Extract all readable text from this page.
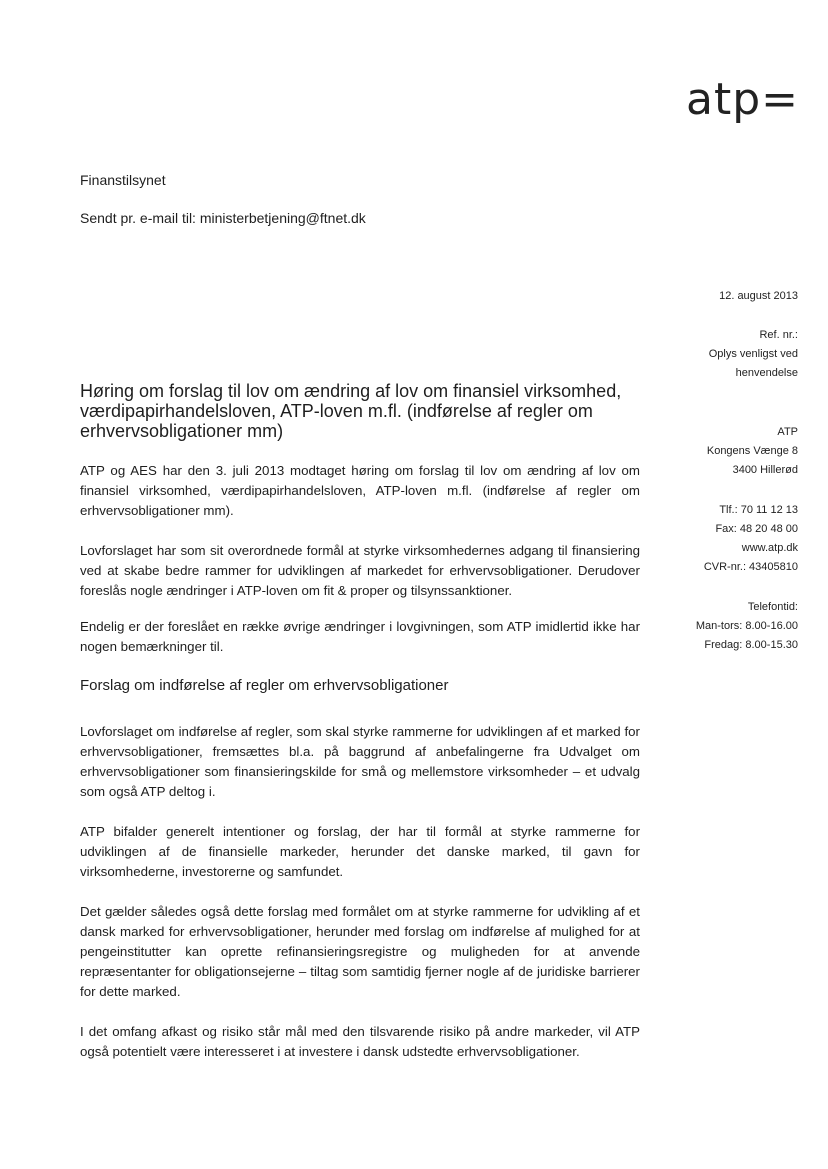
atp=
Finanstilsynet
Sendt pr. e-mail til: ministerbetjening@ftnet.dk
12. august 2013

Ref. nr.:

Oplys venligst ved

henvendelse

ATP

Kongens Vænge 8

3400 Hillerød

Tlf.: 70 11 12 13

Fax: 48 20 48 00

www.atp.dk

CVR-nr.: 43405810

Telefontid:

Man-tors: 8.00-16.00

Fredag: 8.00-15.30

Høring om forslag til lov om ændring af lov om finansiel virksomhed, værdipapirhandelsloven, ATP-loven m.fl. (indførelse af regler om erhvervsobligationer mm)

ATP og AES har den 3. juli 2013 modtaget høring om forslag til lov om ændring af lov om finansiel virksomhed, værdipapirhandelsloven, ATP-loven m.fl. (indførelse af regler om erhvervsobligationer mm).

Lovforslaget har som sit overordnede formål at styrke virksomhedernes adgang til finansiering ved at skabe bedre rammer for udviklingen af markedet for erhvervsobligationer. Derudover foreslås nogle ændringer i ATP-loven om fit & proper og tilsynssanktioner.

Endelig er der foreslået en række øvrige ændringer i lovgivningen, som ATP imidlertid ikke har nogen bemærkninger til.

Forslag om indførelse af regler om erhvervsobligationer

Lovforslaget om indførelse af regler, som skal styrke rammerne for udviklingen af et marked for erhvervsobligationer, fremsættes bl.a. på baggrund af anbefalingerne fra Udvalget om erhvervsobligationer som finansieringskilde for små og mellemstore virksomheder – et udvalg som også ATP deltog i.

ATP bifalder generelt intentioner og forslag, der har til formål at styrke rammerne for udviklingen af de finansielle markeder, herunder det danske marked, til gavn for virksomhederne, investorerne og samfundet.

Det gælder således også dette forslag med formålet om at styrke rammerne for udvikling af et dansk marked for erhvervsobligationer, herunder med forslag om indførelse af mulighed for at pengeinstitutter kan oprette refinansieringsregistre og muligheden for at anvende repræsentanter for obligationsejerne – tiltag som samtidig fjerner nogle af de juridiske barrierer for dette marked.

I det omfang afkast og risiko står mål med den tilsvarende risiko på andre markeder, vil ATP også potentielt være interesseret i at investere i dansk udstedte erhvervsobligationer.
